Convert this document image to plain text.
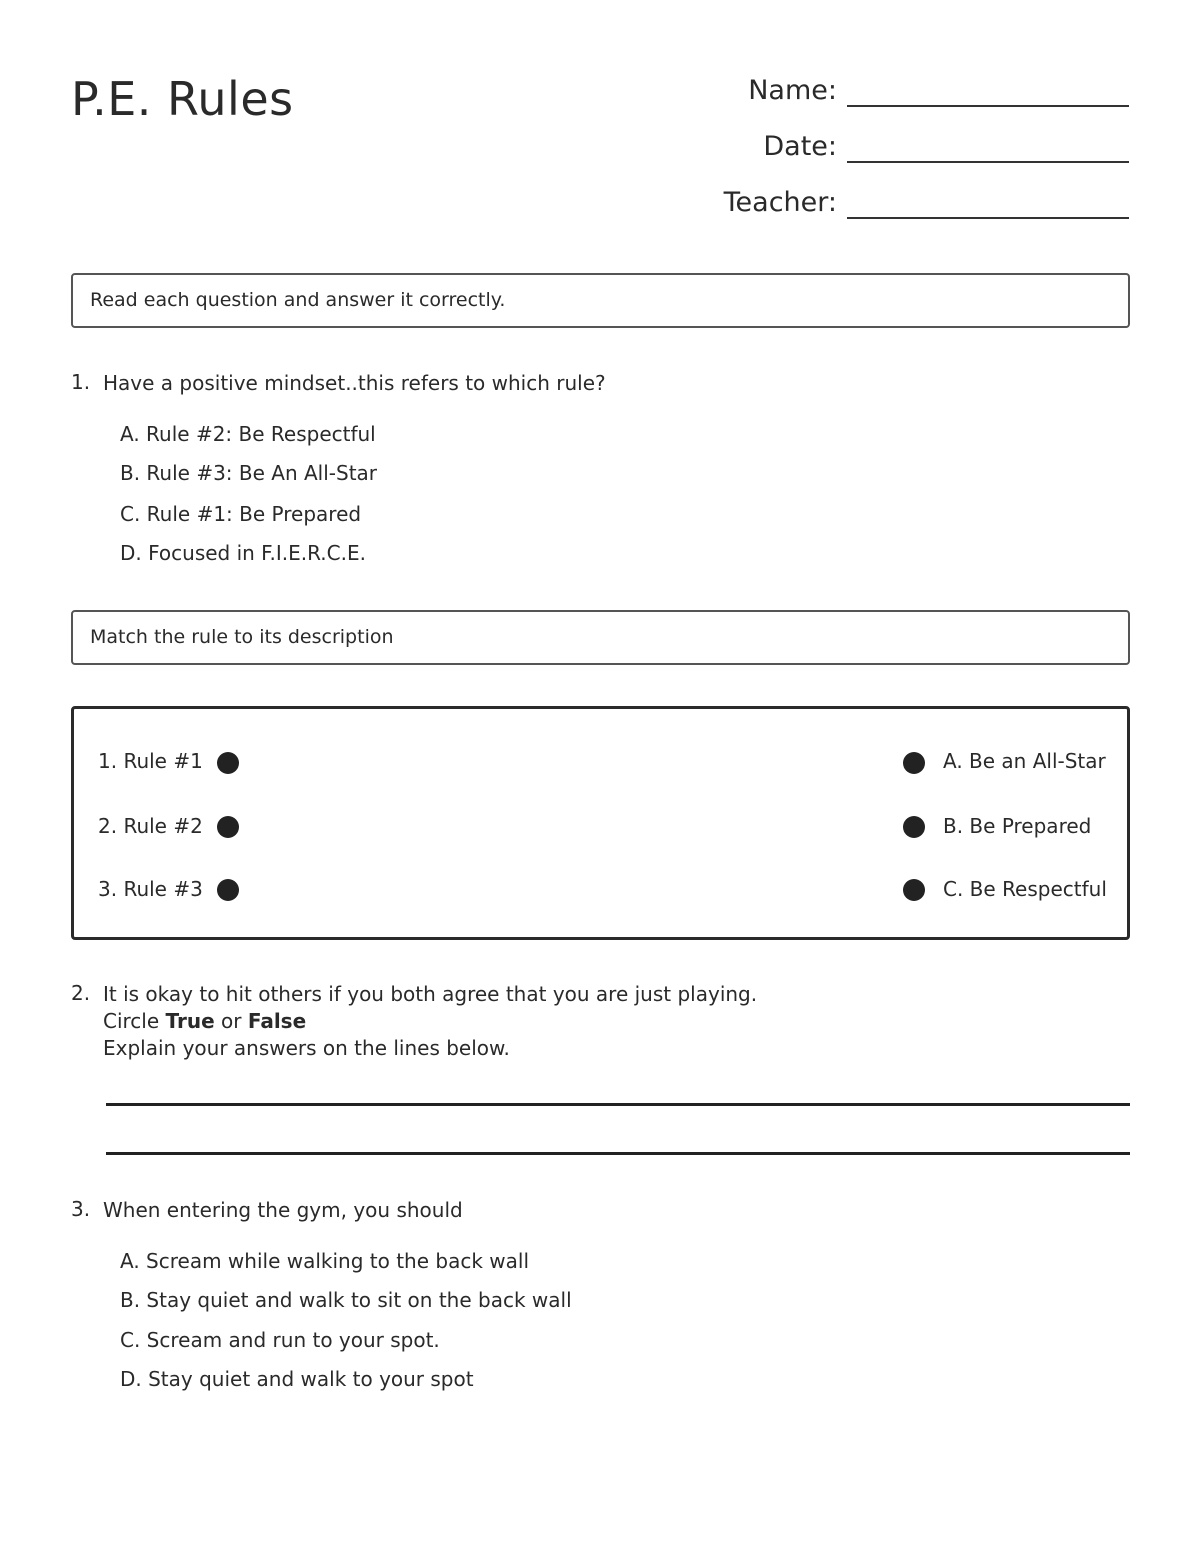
P.E. Rules	Name:
Date:
Teacher:
Read each question and answer it correctly.
1. Have a positive mindset..this refers to which rule?
A. Rule #2: Be Respectful
B. Rule #3: Be An All-Star
C. Rule #1: Be Prepared
D. Focused in F.I.E.R.C.E.
Match the rule to its description
1. Rule #1
2. Rule #2
3. Rule #3
A. Be an All-Star
B. Be Prepared
C. Be Respectful
2. It is okay to hit others if you both agree that you are just playing.
Circle True or False
Explain your answers on the lines below.
3. When entering the gym, you should
A. Scream while walking to the back wall
B. Stay quiet and walk to sit on the back wall
C. Scream and run to your spot.
D. Stay quiet and walk to your spot
